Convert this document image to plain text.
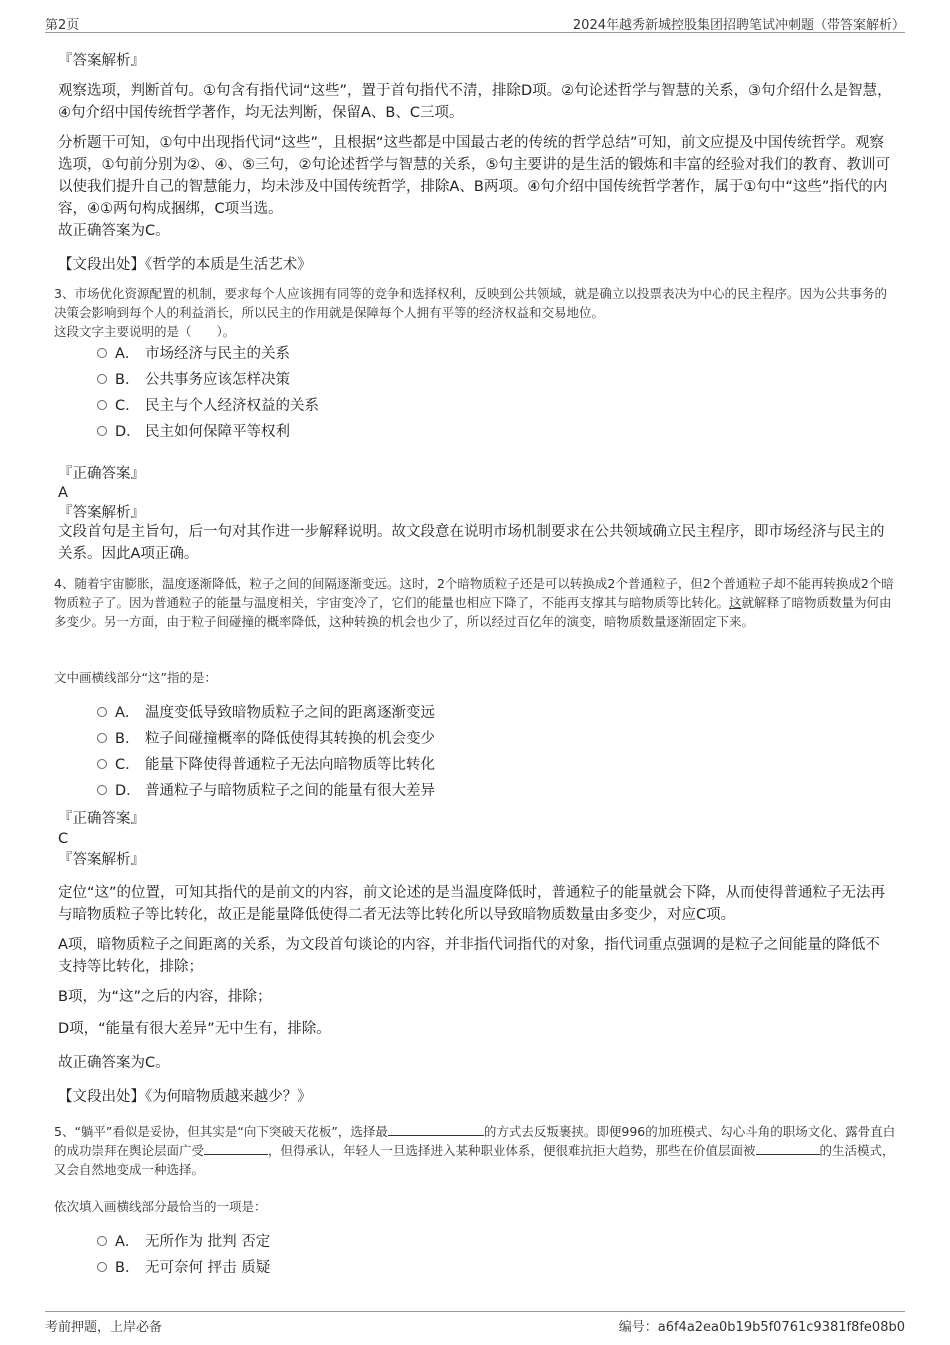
第2页	2024年越秀新城控股集团招聘笔试冲刺题（带答案解析）

『答案解析』

观察选项，判断首句。①句含有指代词“这些”，置于首句指代不清，排除D项。②句论述哲学与智慧的关系，③句介绍什么是智慧，④句介绍中国传统哲学著作，均无法判断，保留A、B、C三项。

分析题干可知，①句中出现指代词“这些”，且根据“这些都是中国最古老的传统的哲学总结”可知，前文应提及中国传统哲学。观察选项，①句前分别为②、④、⑤三句，②句论述哲学与智慧的关系，⑤句主要讲的是生活的锻炼和丰富的经验对我们的教育、教训可以使我们提升自己的智慧能力，均未涉及中国传统哲学，排除A、B两项。④句介绍中国传统哲学著作，属于①句中“这些”指代的内容，④①两句构成捆绑，C项当选。

故正确答案为C。

【文段出处】《哲学的本质是生活艺术》

3、市场优化资源配置的机制，要求每个人应该拥有同等的竞争和选择权利，反映到公共领域，就是确立以投票表决为中心的民主程序。因为公共事务的决策会影响到每个人的利益消长，所以民主的作用就是保障每个人拥有平等的经济权益和交易地位。

这段文字主要说明的是（　　）。

A． 市场经济与民主的关系
B． 公共事务应该怎样决策
C． 民主与个人经济权益的关系
D． 民主如何保障平等权利

『正确答案』

A

『答案解析』

文段首句是主旨句，后一句对其作进一步解释说明。故文段意在说明市场机制要求在公共领域确立民主程序，即市场经济与民主的关系。因此A项正确。

4、随着宇宙膨胀，温度逐渐降低，粒子之间的间隔逐渐变远。这时，2个暗物质粒子还是可以转换成2个普通粒子，但2个普通粒子却不能再转换成2个暗物质粒子了。因为普通粒子的能量与温度相关，宇宙变冷了，它们的能量也相应下降了，不能再支撑其与暗物质等比转化。这就解释了暗物质数量为何由多变少。另一方面，由于粒子间碰撞的概率降低，这种转换的机会也少了，所以经过百亿年的演变，暗物质数量逐渐固定下来。

文中画横线部分“这”指的是：

A． 温度变低导致暗物质粒子之间的距离逐渐变远
B． 粒子间碰撞概率的降低使得其转换的机会变少
C． 能量下降使得普通粒子无法向暗物质等比转化
D． 普通粒子与暗物质粒子之间的能量有很大差异

『正确答案』

C

『答案解析』

定位“这”的位置，可知其指代的是前文的内容，前文论述的是当温度降低时，普通粒子的能量就会下降，从而使得普通粒子无法再与暗物质粒子等比转化，故正是能量降低使得二者无法等比转化所以导致暗物质数量由多变少，对应C项。

A项，暗物质粒子之间距离的关系，为文段首句谈论的内容，并非指代词指代的对象，指代词重点强调的是粒子之间能量的降低不支持等比转化，排除；

B项，为“这”之后的内容，排除；

D项，“能量有很大差异”无中生有，排除。

故正确答案为C。

【文段出处】《为何暗物质越来越少？》

5、“躺平”看似是妥协，但其实是“向下突破天花板”，选择最	的方式去反叛裹挟。即便996的加班模式、勾心斗角的职场文化、露骨直白的成功崇拜在舆论层面广受	，但得承认，年轻人一旦选择进入某种职业体系，便很难抗拒大趋势，那些在价值层面被	的生活模式，又会自然地变成一种选择。

依次填入画横线部分最恰当的一项是：

A． 无所作为 批判 否定
B． 无可奈何 抨击 质疑
考前押题，上岸必备	编号：a6f4a2ea0b19b5f0761c9381f8fe08b0
